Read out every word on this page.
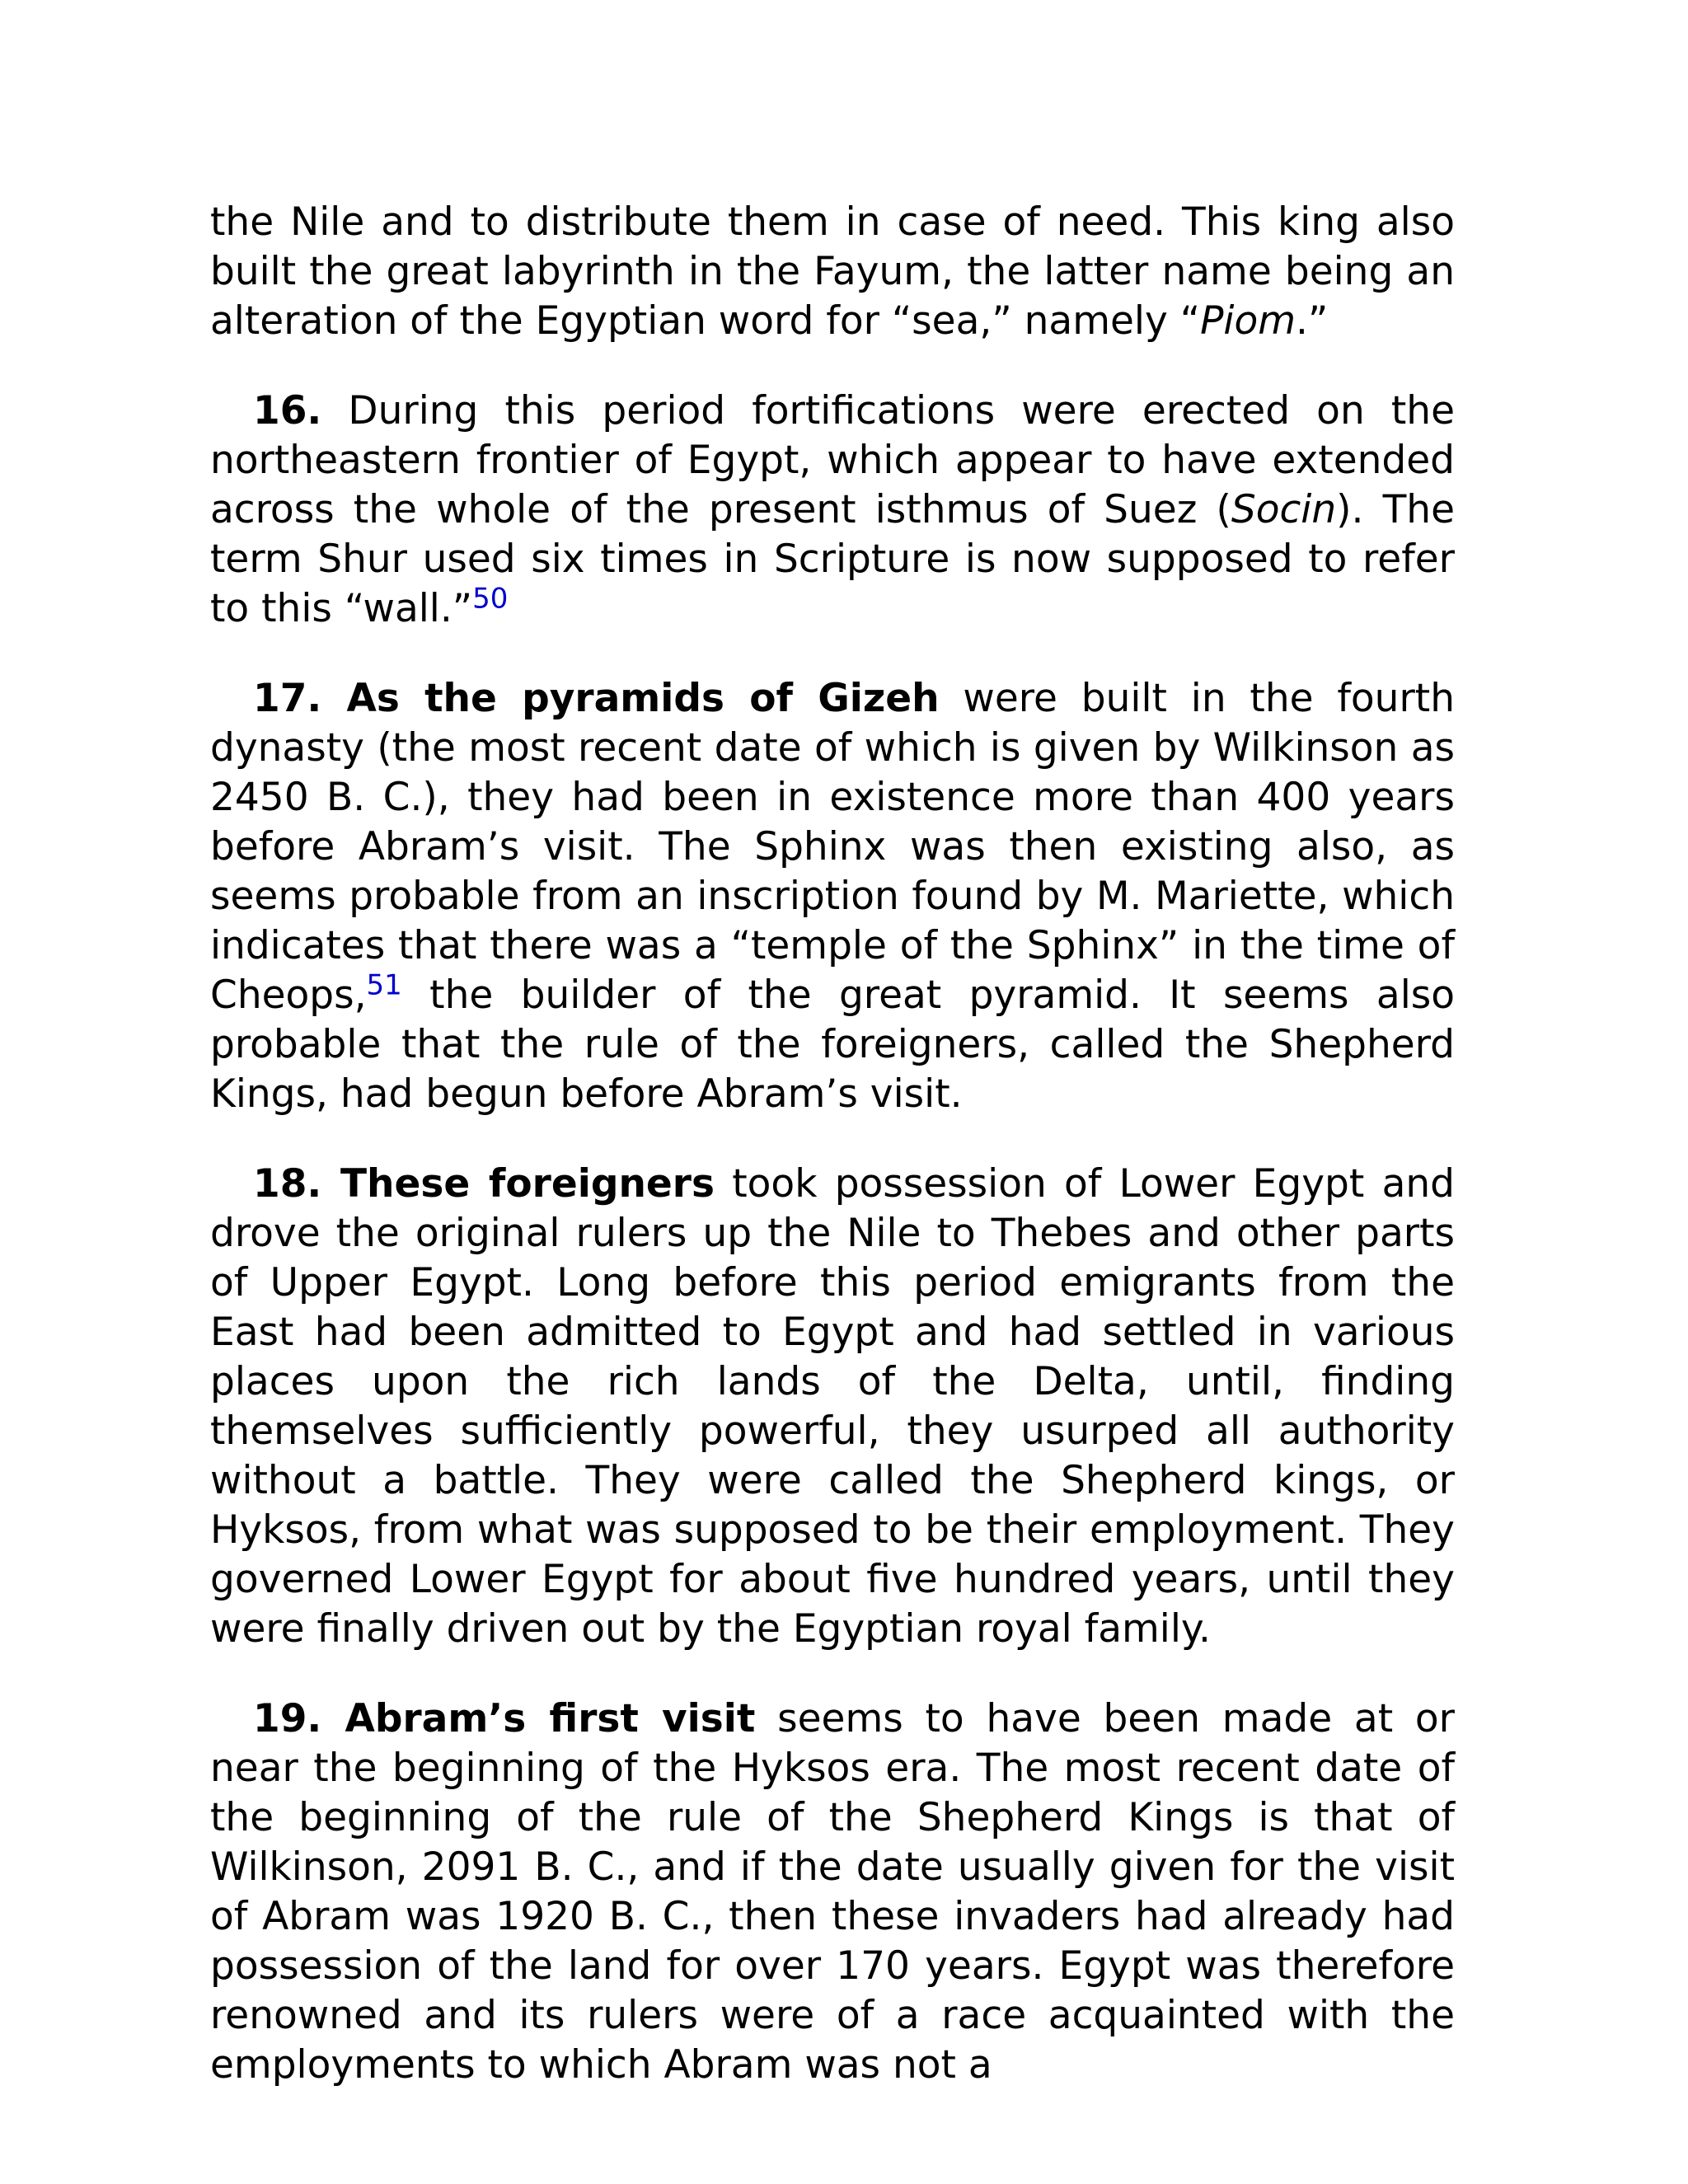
the Nile and to distribute them in case of need. This king also built the great labyrinth in the Fayum, the latter name being an alteration of the Egyptian word for “sea,” namely “Piom.”

16. During this period fortifications were erected on the northeastern frontier of Egypt, which appear to have extended across the whole of the present isthmus of Suez (Socin). The term Shur used six times in Scripture is now supposed to refer to this “wall.”$^{50}$

17. As the pyramids of Gizeh were built in the fourth dynasty (the most recent date of which is given by Wilkinson as 2450 B. C.), they had been in existence more than 400 years before Abram’s visit. The Sphinx was then existing also, as seems probable from an inscription found by M. Mariette, which indicates that there was a “temple of the Sphinx” in the time of Cheops,$^{51}$ the builder of the great pyramid. It seems also probable that the rule of the foreigners, called the Shepherd Kings, had begun before Abram’s visit.

18. These foreigners took possession of Lower Egypt and drove the original rulers up the Nile to Thebes and other parts of Upper Egypt. Long before this period emigrants from the East had been admitted to Egypt and had settled in various places upon the rich lands of the Delta, until, finding themselves sufficiently powerful, they usurped all authority without a battle. They were called the Shepherd kings, or Hyksos, from what was supposed to be their employment. They governed Lower Egypt for about five hundred years, until they were finally driven out by the Egyptian royal family.

19. Abram’s first visit seems to have been made at or near the beginning of the Hyksos era. The most recent date of the beginning of the rule of the Shepherd Kings is that of Wilkinson, 2091 B. C., and if the date usually given for the visit of Abram was 1920 B. C., then these invaders had already had possession of the land for over 170 years. Egypt was therefore renowned and its rulers were of a race acquainted with the employments to which Abram was not a
